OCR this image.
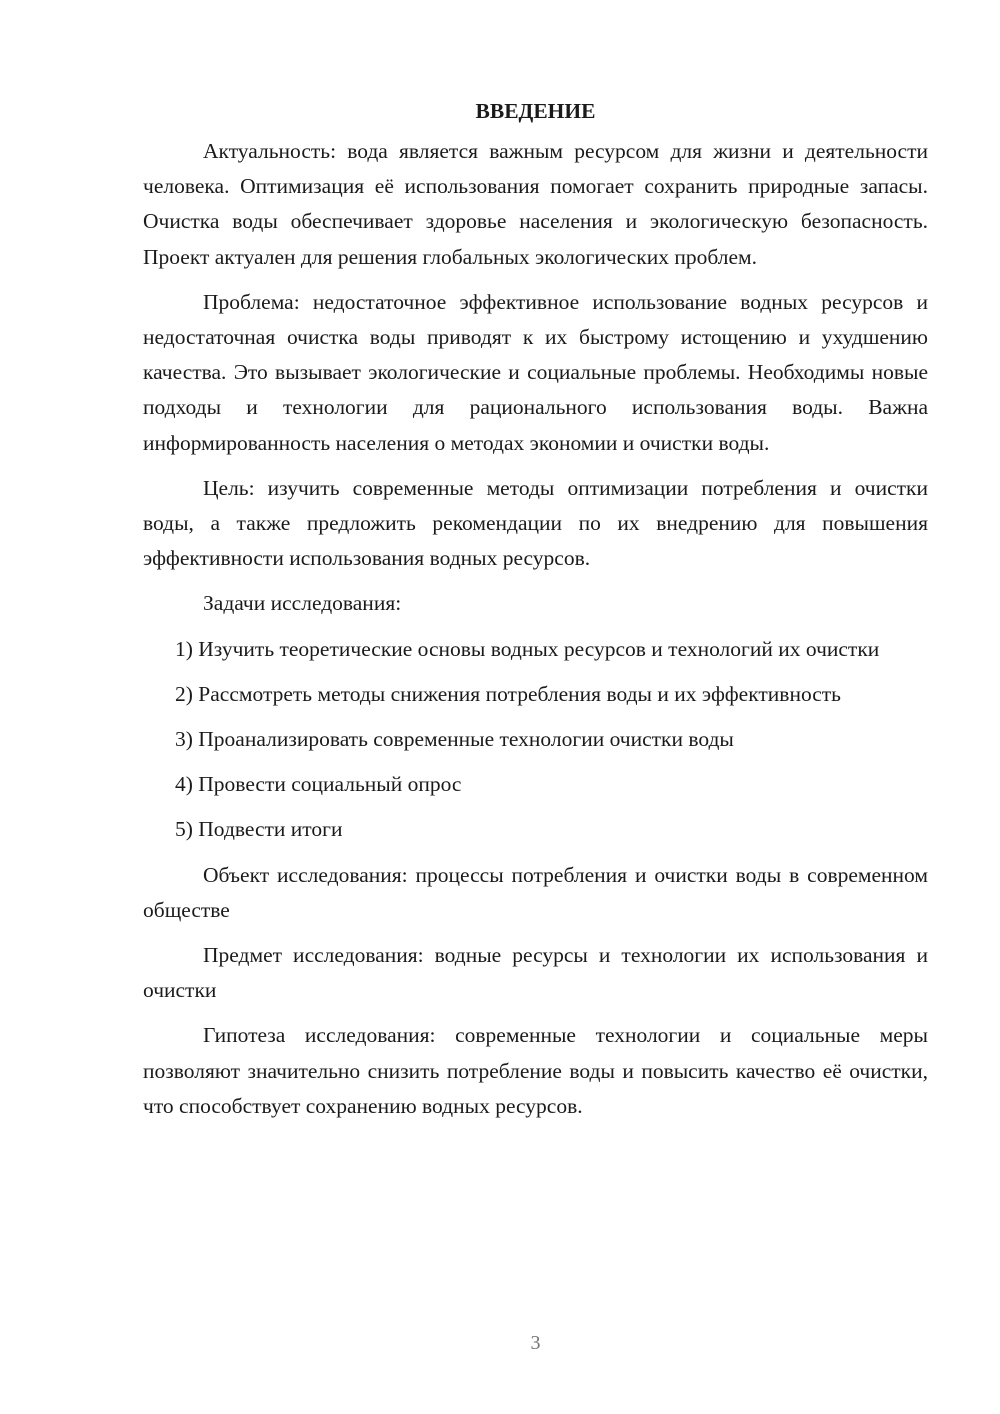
ВВЕДЕНИЕ

Актуальность: вода является важным ресурсом для жизни и деятельности человека. Оптимизация её использования помогает сохранить природные запасы. Очистка воды обеспечивает здоровье населения и экологическую безопасность. Проект актуален для решения глобальных экологических проблем.

Проблема: недостаточное эффективное использование водных ресурсов и недостаточная очистка воды приводят к их быстрому истощению и ухудшению качества. Это вызывает экологические и социальные проблемы. Необходимы новые подходы и технологии для рационального использования воды. Важна информированность населения о методах экономии и очистки воды.

Цель: изучить современные методы оптимизации потребления и очистки воды, а также предложить рекомендации по их внедрению для повышения эффективности использования водных ресурсов.

Задачи исследования:

1) Изучить теоретические основы водных ресурсов и технологий их очистки

2) Рассмотреть методы снижения потребления воды и их эффективность

3) Проанализировать современные технологии очистки воды

4) Провести социальный опрос

5) Подвести итоги

Объект исследования: процессы потребления и очистки воды в современном обществе

Предмет исследования: водные ресурсы и технологии их использования и очистки

Гипотеза исследования: современные технологии и социальные меры позволяют значительно снизить потребление воды и повысить качество её очистки, что способствует сохранению водных ресурсов.

3
